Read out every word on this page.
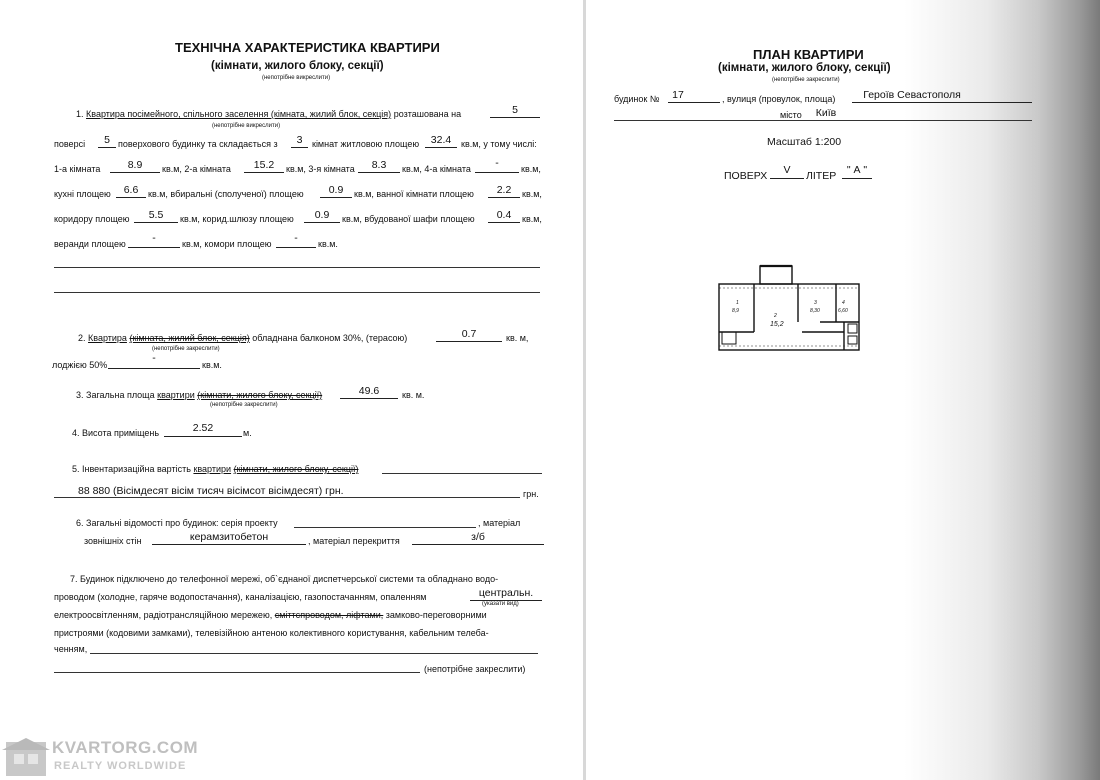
ТЕХНІЧНА ХАРАКТЕРИСТИКА КВАРТИРИ
(кімнати, жилого блоку, секції)
(непотрібне викреслити)
1. Квартира посімейного, спільного заселення (кімната, жилий блок, секція) розташована на	5
(непотрібне викреслити)
поверсі	5 поверхового будинку та складається з	3	кімнат житловою площею	32.4	кв.м, у тому числі:
1-а кімната	8.9	кв.м, 2-а кімната	15.2	кв.м, 3-я кімната	8.3	кв.м, 4-а кімната	-	кв.м,
кухні площею	6.6	кв.м, вбиральні (сполученої) площею	0.9	кв.м, ванної кімнати площею	2.2	кв.м,
коридору площею	5.5	кв.м, корид.шлюзу площею	0.9	кв.м, вбудованої шафи площею	0.4	кв.м,
веранди площею	-	кв.м, комори площею	-	кв.м.
2. Квартира (кімната, жилий блок, секція) обладнана балконом 30%, (терасою)	0.7	кв. м,
(непотрібне закреслити)
лоджією 50%
-
кв.м.
3. Загальна площа квартири (кімнати, жилого блоку, секції)	49.6	кв. м.
(непотрібне закреслити)
4. Висота приміщень	2.52	м.
5. Інвентаризаційна вартість квартири (кімнати, жилого блоку, секції)
88 880 (Вісімдесят вісім тисяч вісімсот вісімдесят) грн.	грн.
6. Загальні відомості про будинок: серія проекту	, матеріал
зовнішніх стін	керамзитобетон	, матеріал перекриття	з/б
7. Будинок підключено до телефонної мережі, об`єднаної диспетчерської системи та обладнано водо-
проводом (холодне, гаряче водопостачання), каналізацією, газопостачанням, опаленням	центральн.
(указати вид)
електроосвітленням, радіотрансляційною мережею, сміттєпроводом, ліфтами, замково-переговорними
пристроями (кодовими замками), телевізійною антеною колективного користування, кабельним телеба-
ченням,
(непотрібне закреслити)
ПЛАН КВАРТИРИ
(кімнати, жилого блоку, секції)
(непотрібне закреслити)
будинок №	17	, вулиця (провулок, площа)	Героїв Севастополя
місто	Київ
Масштаб 1:200
ПОВЕРХ	V	ЛІТЕР	" А "
1
8,9
2
15,2
3
8,30
4
6,60
KVARTORG.COM
REALTY WORLDWIDE
